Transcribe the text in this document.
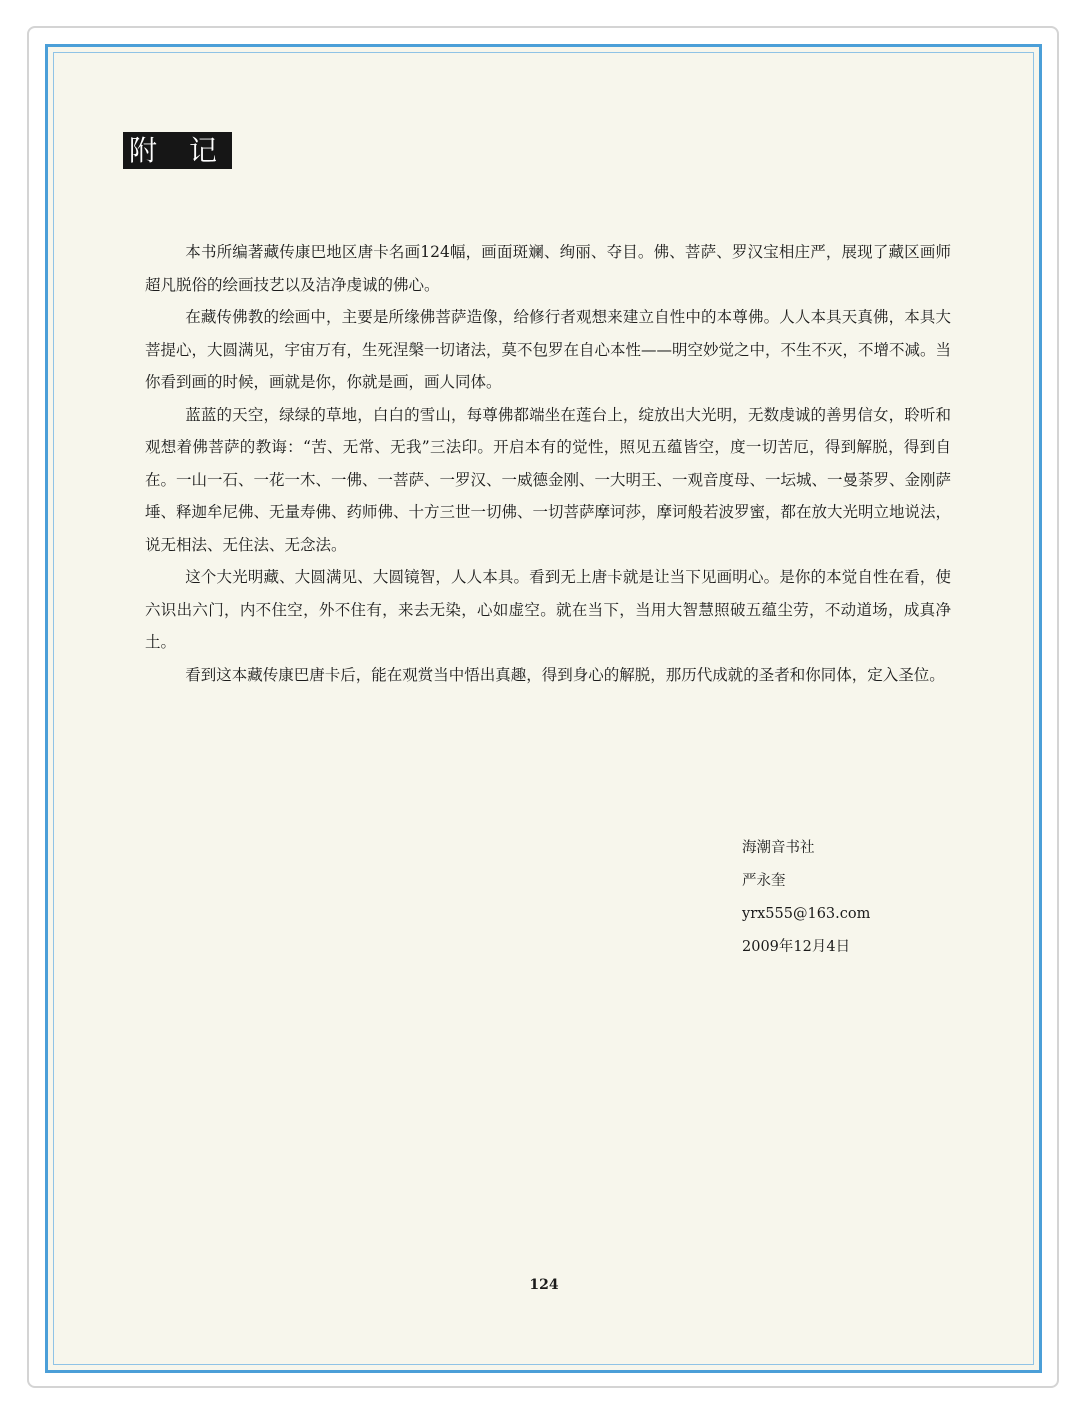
附　记

本书所编著藏传康巴地区唐卡名画124幅，画面斑斓、绚丽、夺目。佛、菩萨、罗汉宝相庄严，展现了藏区画师超凡脱俗的绘画技艺以及洁净虔诚的佛心。

在藏传佛教的绘画中，主要是所缘佛菩萨造像，给修行者观想来建立自性中的本尊佛。人人本具天真佛，本具大菩提心，大圆满见，宇宙万有，生死涅槃一切诸法，莫不包罗在自心本性——明空妙觉之中，不生不灭，不增不减。当你看到画的时候，画就是你，你就是画，画人同体。

蓝蓝的天空，绿绿的草地，白白的雪山，每尊佛都端坐在莲台上，绽放出大光明，无数虔诚的善男信女，聆听和观想着佛菩萨的教诲：“苦、无常、无我”三法印。开启本有的觉性，照见五蕴皆空，度一切苦厄，得到解脱，得到自在。一山一石、一花一木、一佛、一菩萨、一罗汉、一威德金刚、一大明王、一观音度母、一坛城、一曼荼罗、金刚萨埵、释迦牟尼佛、无量寿佛、药师佛、十方三世一切佛、一切菩萨摩诃莎，摩诃般若波罗蜜，都在放大光明立地说法，说无相法、无住法、无念法。

这个大光明藏、大圆满见、大圆镜智，人人本具。看到无上唐卡就是让当下见画明心。是你的本觉自性在看，使六识出六门，内不住空，外不住有，来去无染，心如虚空。就在当下，当用大智慧照破五蕴尘劳，不动道场，成真净土。

看到这本藏传康巴唐卡后，能在观赏当中悟出真趣，得到身心的解脱，那历代成就的圣者和你同体，定入圣位。

海潮音书社
严永奎
yrx555@163.com
2009年12月4日
124
